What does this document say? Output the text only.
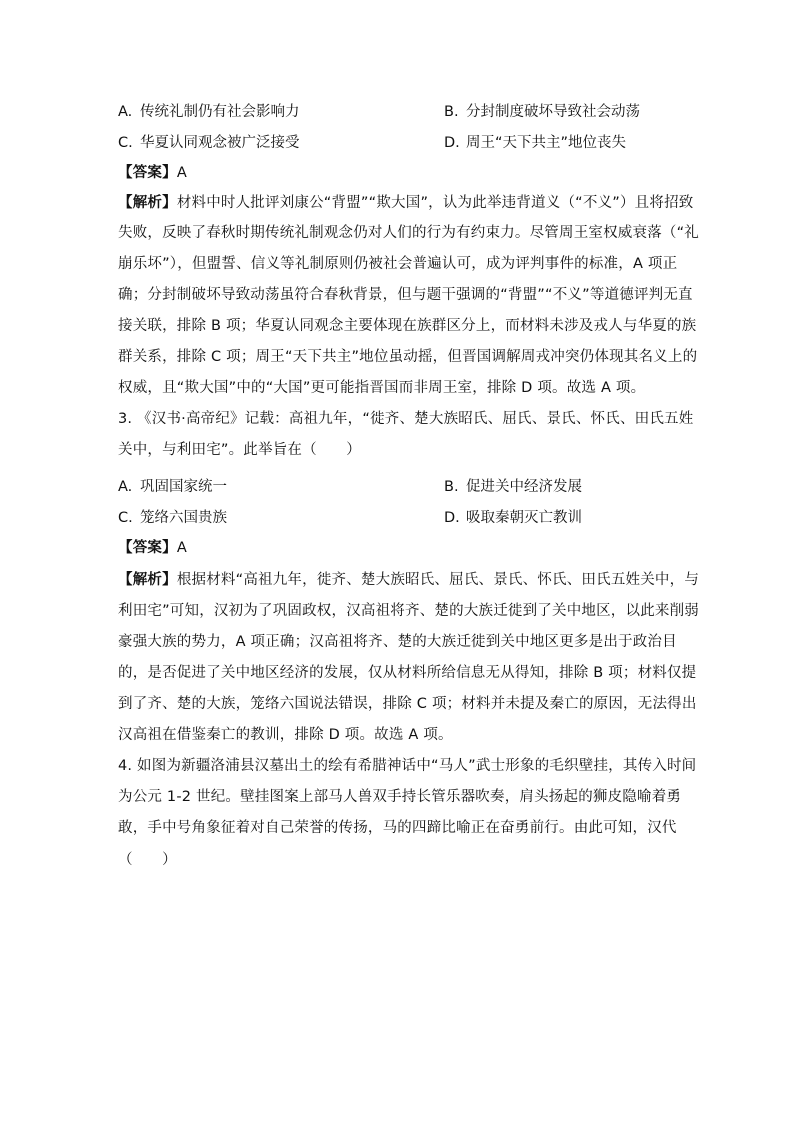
A. 传统礼制仍有社会影响力	B. 分封制度破坏导致社会动荡
C. 华夏认同观念被广泛接受	D. 周王“天下共主”地位丧失
【答案】A
【解析】材料中时人批评刘康公“背盟”“欺大国”，认为此举违背道义（“不义”）且将招致
失败，反映了春秋时期传统礼制观念仍对人们的行为有约束力。尽管周王室权威衰落（“礼
崩乐坏”），但盟誓、信义等礼制原则仍被社会普遍认可，成为评判事件的标准，A 项正
确；分封制破坏导致动荡虽符合春秋背景，但与题干强调的“背盟”“不义”等道德评判无直
接关联，排除 B 项；华夏认同观念主要体现在族群区分上，而材料未涉及戎人与华夏的族
群关系，排除 C 项；周王“天下共主”地位虽动摇，但晋国调解周戎冲突仍体现其名义上的
权威，且“欺大国”中的“大国”更可能指晋国而非周王室，排除 D 项。故选 A 项。
3. 《汉书·高帝纪》记载：高祖九年，“徙齐、楚大族昭氏、屈氏、景氏、怀氏、田氏五姓
关中，与利田宅”。此举旨在（　　）
A. 巩固国家统一	B. 促进关中经济发展
C. 笼络六国贵族	D. 吸取秦朝灭亡教训
【答案】A
【解析】根据材料“高祖九年，徙齐、楚大族昭氏、屈氏、景氏、怀氏、田氏五姓关中，与
利田宅”可知，汉初为了巩固政权，汉高祖将齐、楚的大族迁徙到了关中地区，以此来削弱
豪强大族的势力，A 项正确；汉高祖将齐、楚的大族迁徙到关中地区更多是出于政治目
的，是否促进了关中地区经济的发展，仅从材料所给信息无从得知，排除 B 项；材料仅提
到了齐、楚的大族，笼络六国说法错误，排除 C 项；材料并未提及秦亡的原因，无法得出
汉高祖在借鉴秦亡的教训，排除 D 项。故选 A 项。
4. 如图为新疆洛浦县汉墓出土的绘有希腊神话中“马人”武士形象的毛织壁挂，其传入时间
为公元 1-2 世纪。壁挂图案上部马人兽双手持长管乐器吹奏，肩头扬起的狮皮隐喻着勇
敢，手中号角象征着对自己荣誉的传扬，马的四蹄比喻正在奋勇前行。由此可知，汉代
（　　）
